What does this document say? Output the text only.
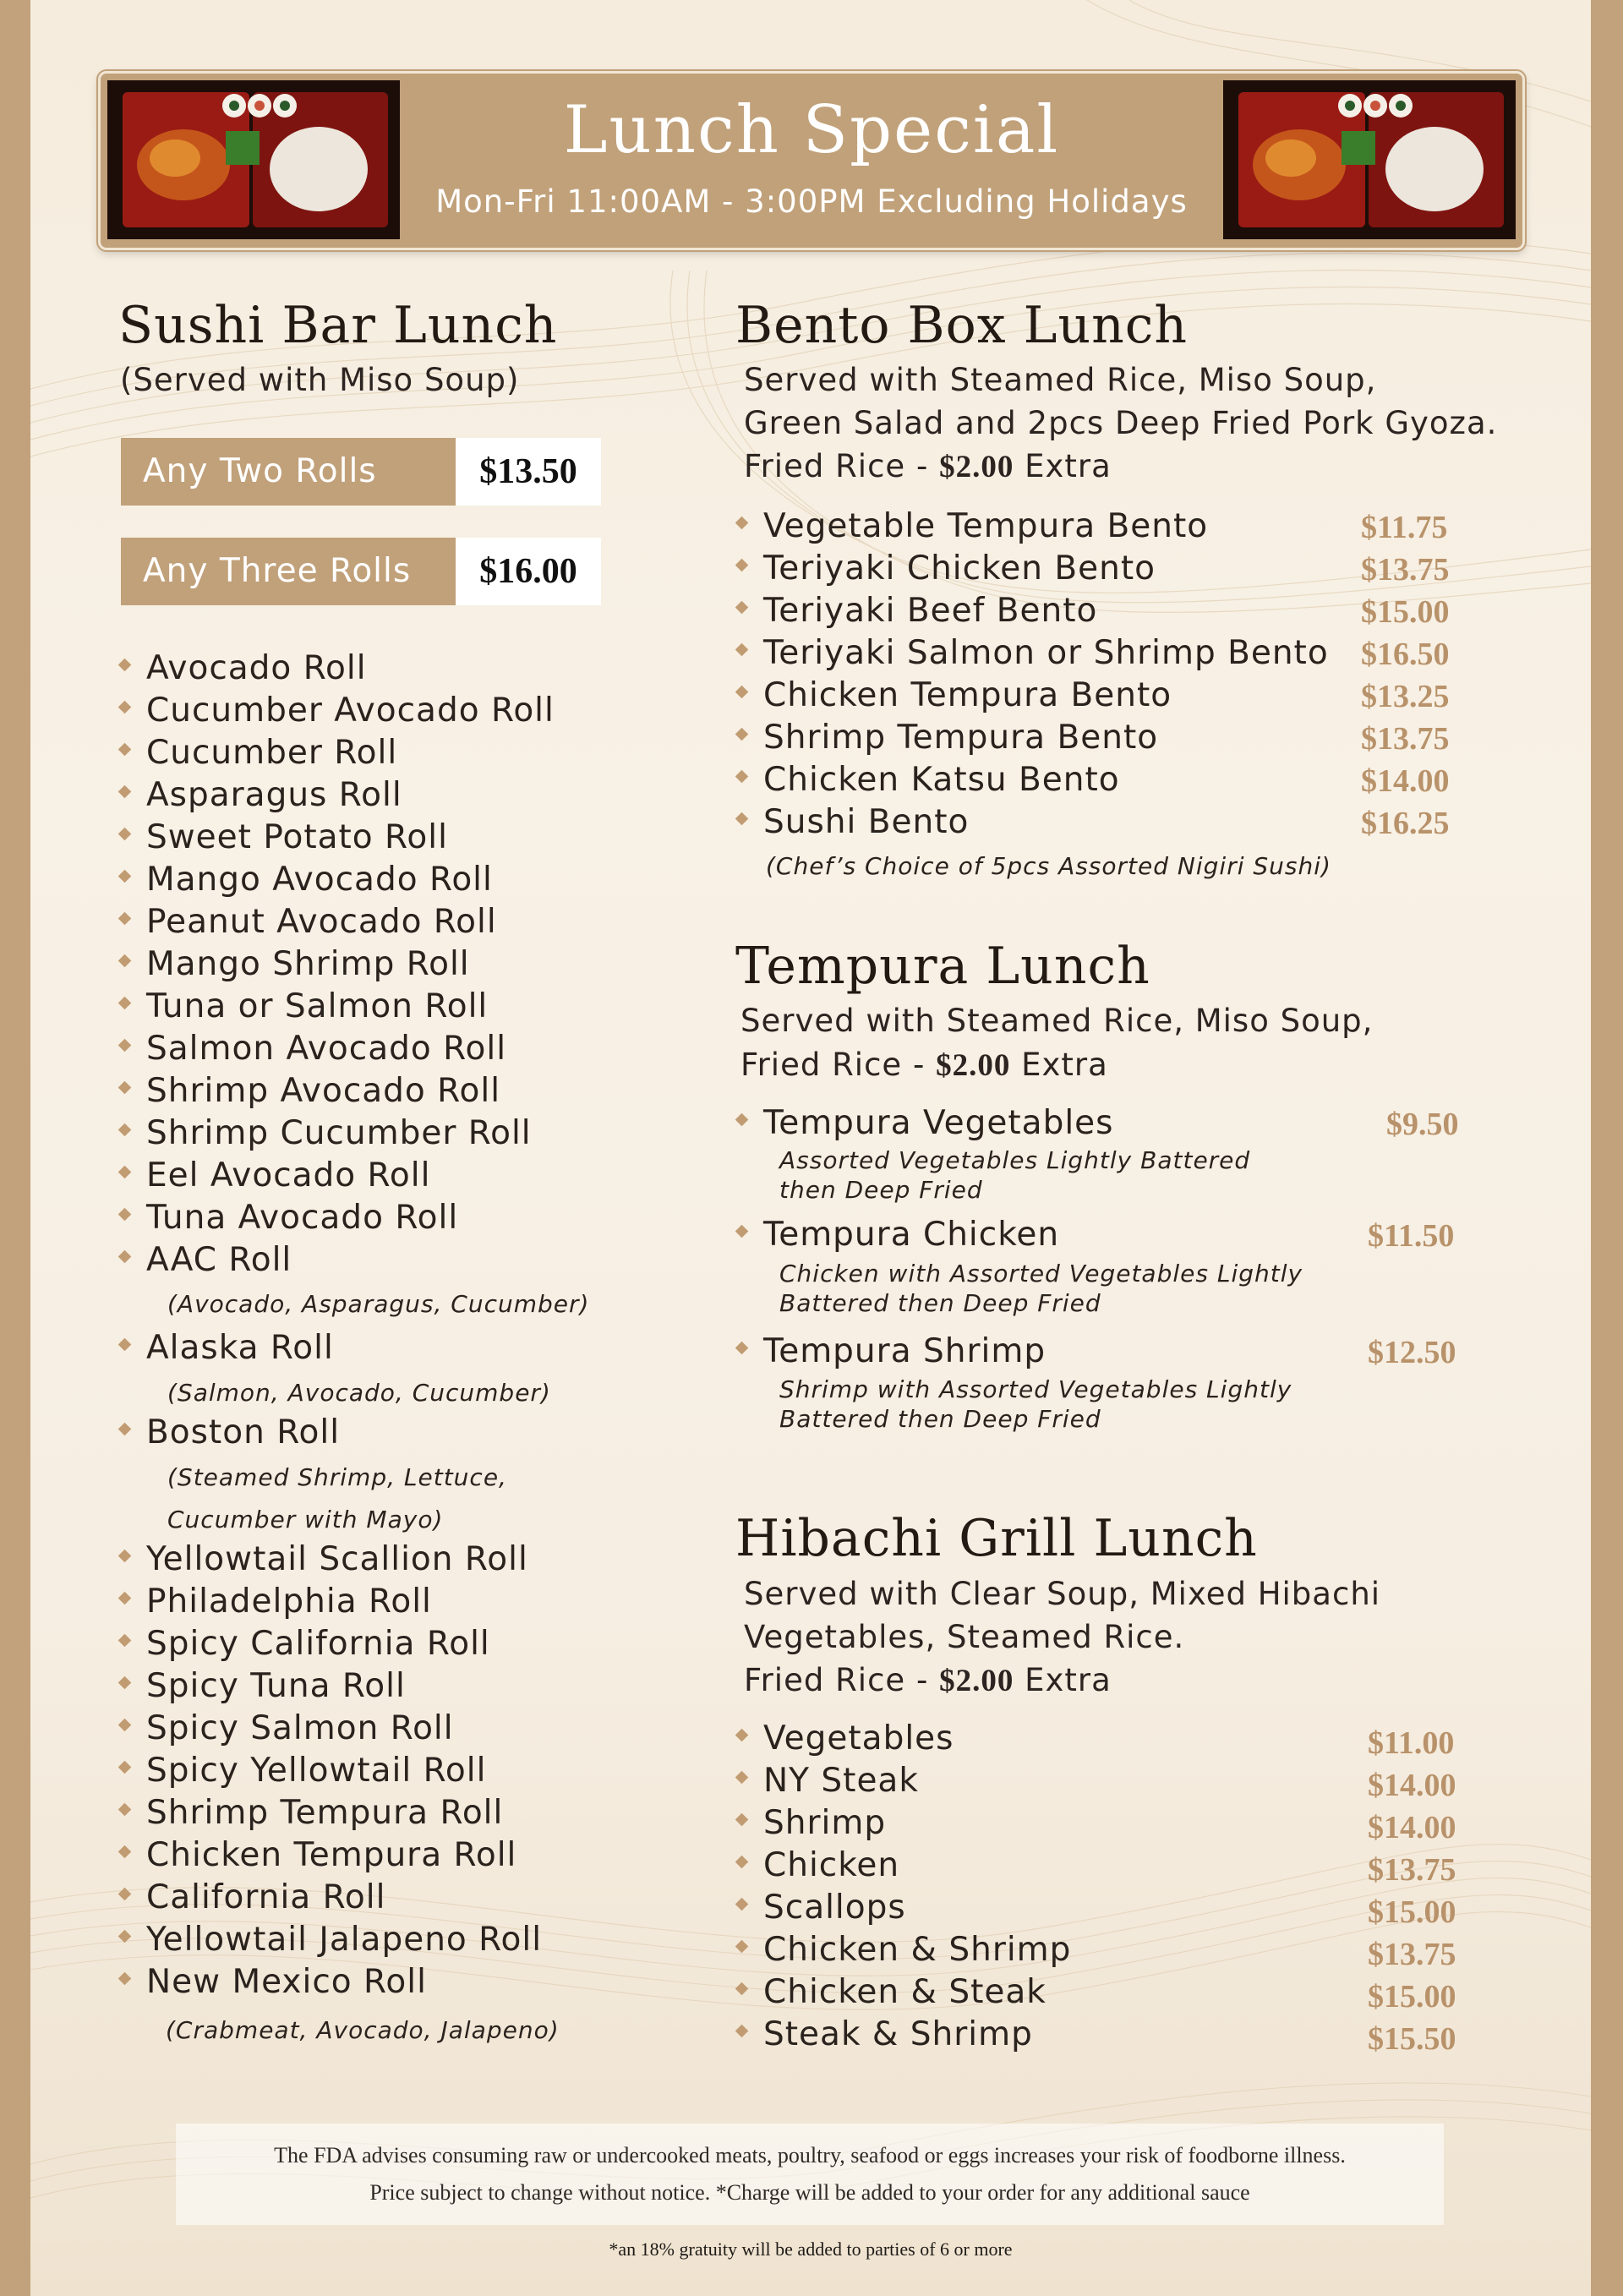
Lunch Special
Mon-Fri 11:00AM - 3:00PM Excluding Holidays
Sushi Bar Lunch
(Served with Miso Soup)
Any Two Rolls	$13.50
Any Three Rolls	$16.00
Avocado Roll
Cucumber Avocado Roll
Cucumber Roll
Asparagus Roll
Sweet Potato Roll
Mango Avocado Roll
Peanut Avocado Roll
Mango Shrimp Roll
Tuna or Salmon Roll
Salmon Avocado Roll
Shrimp Avocado Roll
Shrimp Cucumber Roll
Eel Avocado Roll
Tuna Avocado Roll
AAC Roll
(Avocado, Asparagus, Cucumber)
Alaska Roll
(Salmon, Avocado, Cucumber)
Boston Roll
(Steamed Shrimp, Lettuce,
Cucumber with Mayo)
Yellowtail Scallion Roll
Philadelphia Roll
Spicy California Roll
Spicy Tuna Roll
Spicy Salmon Roll
Spicy Yellowtail Roll
Shrimp Tempura Roll
Chicken Tempura Roll
California Roll
Yellowtail Jalapeno Roll
New Mexico Roll
(Crabmeat, Avocado, Jalapeno)
Bento Box Lunch
Served with Steamed Rice, Miso Soup,
Green Salad and 2pcs Deep Fried Pork Gyoza.
Fried Rice - $2.00 Extra
Vegetable Tempura Bento	$11.75
Teriyaki Chicken Bento	$13.75
Teriyaki Beef Bento	$15.00
Teriyaki Salmon or Shrimp Bento $16.50
Chicken Tempura Bento	$13.25
Shrimp Tempura Bento	$13.75
Chicken Katsu Bento	$14.00
Sushi Bento	$16.25
(Chef’s Choice of 5pcs Assorted Nigiri Sushi)
Tempura Lunch
Served with Steamed Rice, Miso Soup,
Fried Rice - $2.00 Extra
Tempura Vegetables	$9.50
Assorted Vegetables Lightly Battered
then Deep Fried
Tempura Chicken	$11.50
Chicken with Assorted Vegetables Lightly
Battered then Deep Fried
Tempura Shrimp	$12.50
Shrimp with Assorted Vegetables Lightly
Battered then Deep Fried
Hibachi Grill Lunch
Served with Clear Soup, Mixed Hibachi
Vegetables, Steamed Rice.
Fried Rice - $2.00 Extra
Vegetables	$11.00
NY Steak	$14.00
Shrimp	$14.00
Chicken	$13.75
Scallops	$15.00
Chicken & Shrimp	$13.75
Chicken & Steak	$15.00
Steak & Shrimp	$15.50
The FDA advises consuming raw or undercooked meats, poultry, seafood or eggs increases your risk of foodborne illness.
Price subject to change without notice. *Charge will be added to your order for any additional sauce
*an 18% gratuity will be added to parties of 6 or more
